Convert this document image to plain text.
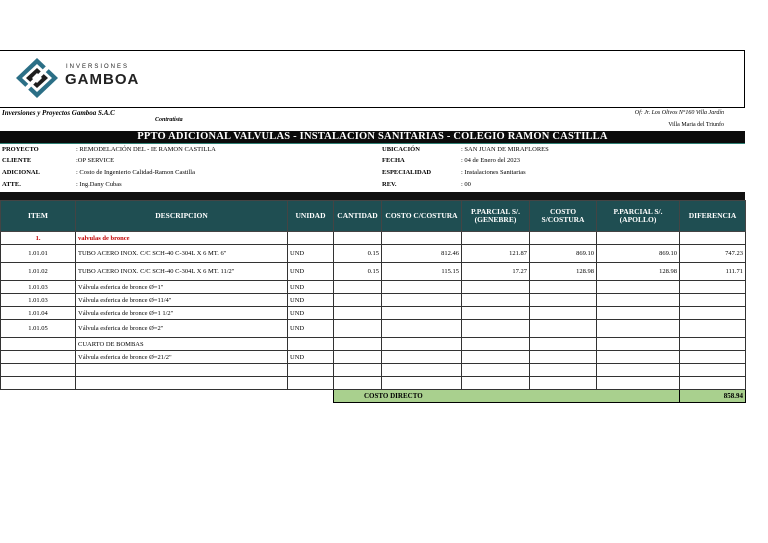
INVERSIONES
GAMBOA
Inversiones y Proyectos Gamboa S.A.C
Contratista
Of: Jr. Los Olivos N°160 Villa Jardín
Villa Maria del Triunfo
PPTO ADICIONAL VALVULAS - INSTALACION SANITARIAS - COLEGIO RAMON CASTILLA
PROYECTO	: REMODELACIÓN DEL - IE RAMON CASTILLA
CLIENTE	:OP SERVICE
ADICIONAL	: Costo de Ingenierio Calidad-Ramon Castilla
ATTE.	: Ing.Dany Cubas
UBICACIÓN	: SAN JUAN DE MIRAFLORES
FECHA	: 04 de Enero del 2023
ESPECIALIDAD	: Instalaciones Sanitarias
REV.	: 00
ITEM	DESCRIPCION	UNIDAD	CANTIDAD	COSTO C/COSTURA	P.PARCIAL S/. (GENEBRE)	COSTO S/COSTURA	P.PARCIAL S/. (APOLLO)	DIFERENCIA
1.	valvulas de bronce							
1.01.01	TUBO ACERO INOX. C/C SCH-40 C-304L X 6 MT. 6"	UND	0.15	812.46	121.87	869.10	869.10	747.23
1.01.02	TUBO ACERO INOX. C/C SCH-40 C-304L X 6 MT. 11/2"	UND	0.15	115.15	17.27	128.98	128.98	111.71
1.01.03	Válvula esferica de bronce Ø=1"	UND						
1.01.03	Válvula esferica de bronce Ø=11/4"	UND						
1.01.04	Válvula esferica de bronce Ø=1 1/2"	UND						
1.01.05	Válvula esferica de bronce Ø=2"	UND						
	CUARTO DE BOMBAS							
	Válvula esferica de bronce Ø=21/2"	UND						

			COSTO DIRECTO					858.94
